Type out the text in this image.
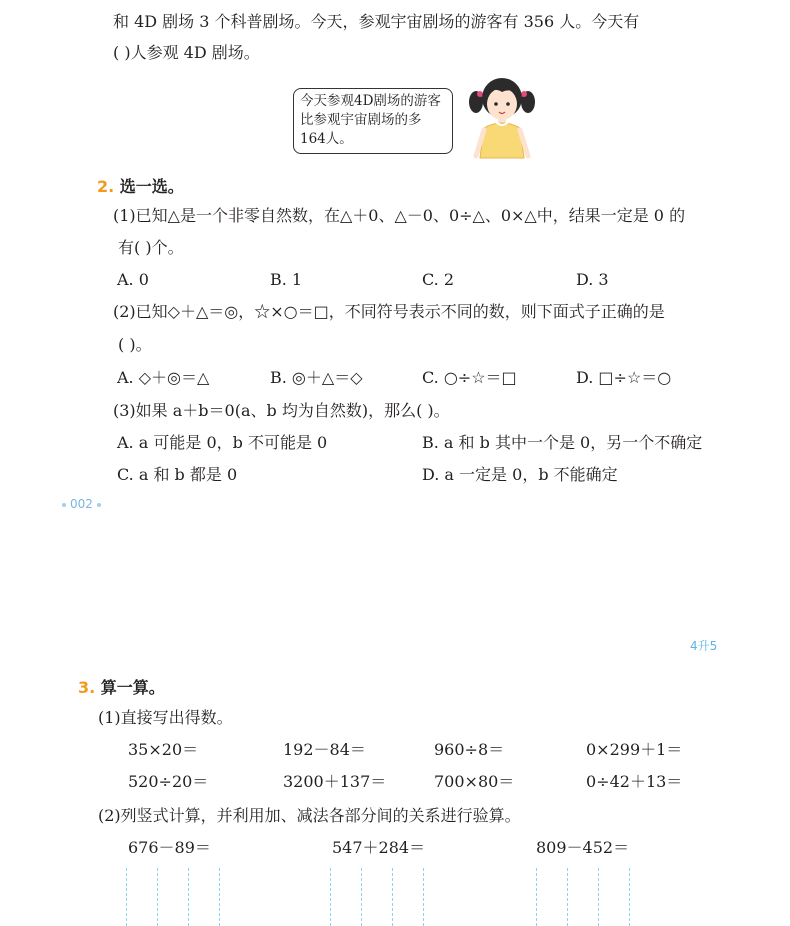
和 4D 剧场 3 个科普剧场。今天，参观宇宙剧场的游客有 356 人。今天有
( )人参观 4D 剧场。
今天参观4D剧场的游客比参观宇宙剧场的多164人。
2. 选一选。
(1)已知△是一个非零自然数，在△＋0、△－0、0÷△、0×△中，结果一定是 0 的
有( )个。
A. 0	B. 1	C. 2	D. 3
(2)已知◇＋△＝◎，☆×○＝□，不同符号表示不同的数，则下面式子正确的是
( )。
A. ◇＋◎＝△	B. ◎＋△＝◇	C. ○÷☆＝□	D. □÷☆＝○
(3)如果 a＋b＝0(a、b 均为自然数)，那么( )。
A. a 可能是 0，b 不可能是 0	B. a 和 b 其中一个是 0，另一个不确定
C. a 和 b 都是 0	D. a 一定是 0，b 不能确定
002
4升5
3. 算一算。
(1)直接写出得数。
35×20＝	192－84＝	960÷8＝	0×299＋1＝
520÷20＝	3200＋137＝	700×80＝	0÷42＋13＝
(2)列竖式计算，并利用加、减法各部分间的关系进行验算。
676－89＝	547＋284＝	809－452＝
